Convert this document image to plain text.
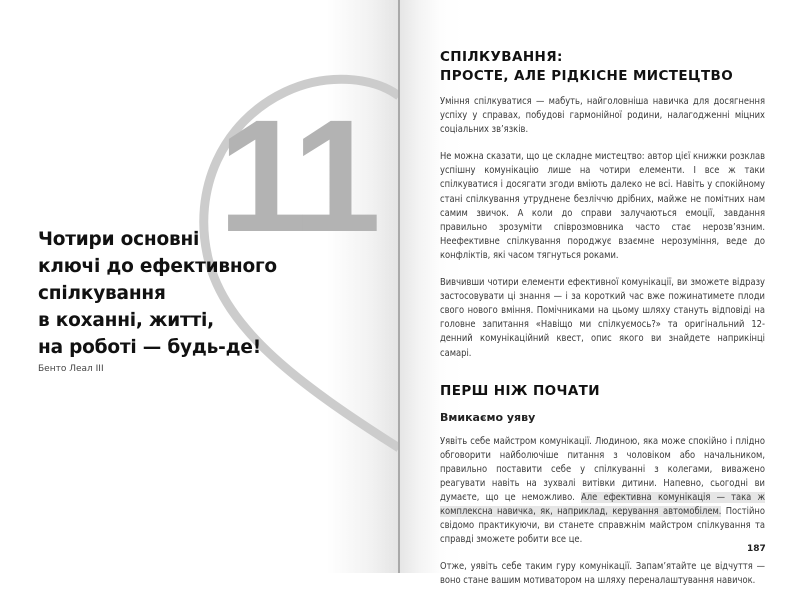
11
Чотири основні
ключі до ефективного
спілкування
в коханні, житті,
на роботі — будь-де!
Бенто Леал III
СПІЛКУВАННЯ:
ПРОСТЕ, АЛЕ РІДКІСНЕ МИСТЕЦТВО

Уміння спілкуватися — мабуть, найголовніша навичка для досягнення успіху у справах, побудові гармонійної родини, налагодженні міцних соціальних зв’язків.

Не можна сказати, що це складне мистецтво: автор цієї книжки розклав успішну комунікацію лише на чотири елементи. І все ж таки спілкуватися і досягати згоди вміють далеко не всі. Навіть у спокійному стані спілкування утруднене безліччю дрібних, майже не помітних нам самим звичок. А коли до справи залучаються емоції, завдання правильно зрозуміти співрозмовника часто стає нерозв’язним. Неефективне спілкування породжує взаємне нерозуміння, веде до конфліктів, які часом тягнуться роками.

Вивчивши чотири елементи ефективної комунікації, ви зможете відразу застосовувати ці знання — і за короткий час вже пожинатимете плоди свого нового вміння. Помічниками на цьому шляху стануть відповіді на головне запитання «Навіщо ми спілкуємось?» та оригінальний 12-денний комунікаційний квест, опис якого ви знайдете наприкінці самарі.

ПЕРШ НІЖ ПОЧАТИ
Вмикаємо уяву

Уявіть себе майстром комунікації. Людиною, яка може спокійно і плідно обговорити найболючіше питання з чоловіком або начальником, правильно поставити себе у спілкуванні з колегами, виважено реагувати навіть на зухвалі витівки дитини. Напевно, сьогодні ви думаєте, що це неможливо. Але ефективна комунікація — така ж комплексна навичка, як, наприклад, керування автомобілем. Постійно свідомо практикуючи, ви станете справжнім майстром спілкування та справді зможете робити все це.

Отже, уявіть себе таким гуру комунікації. Запам’ятайте це відчуття — воно стане вашим мотиватором на шляху переналаштування навичок.

187
